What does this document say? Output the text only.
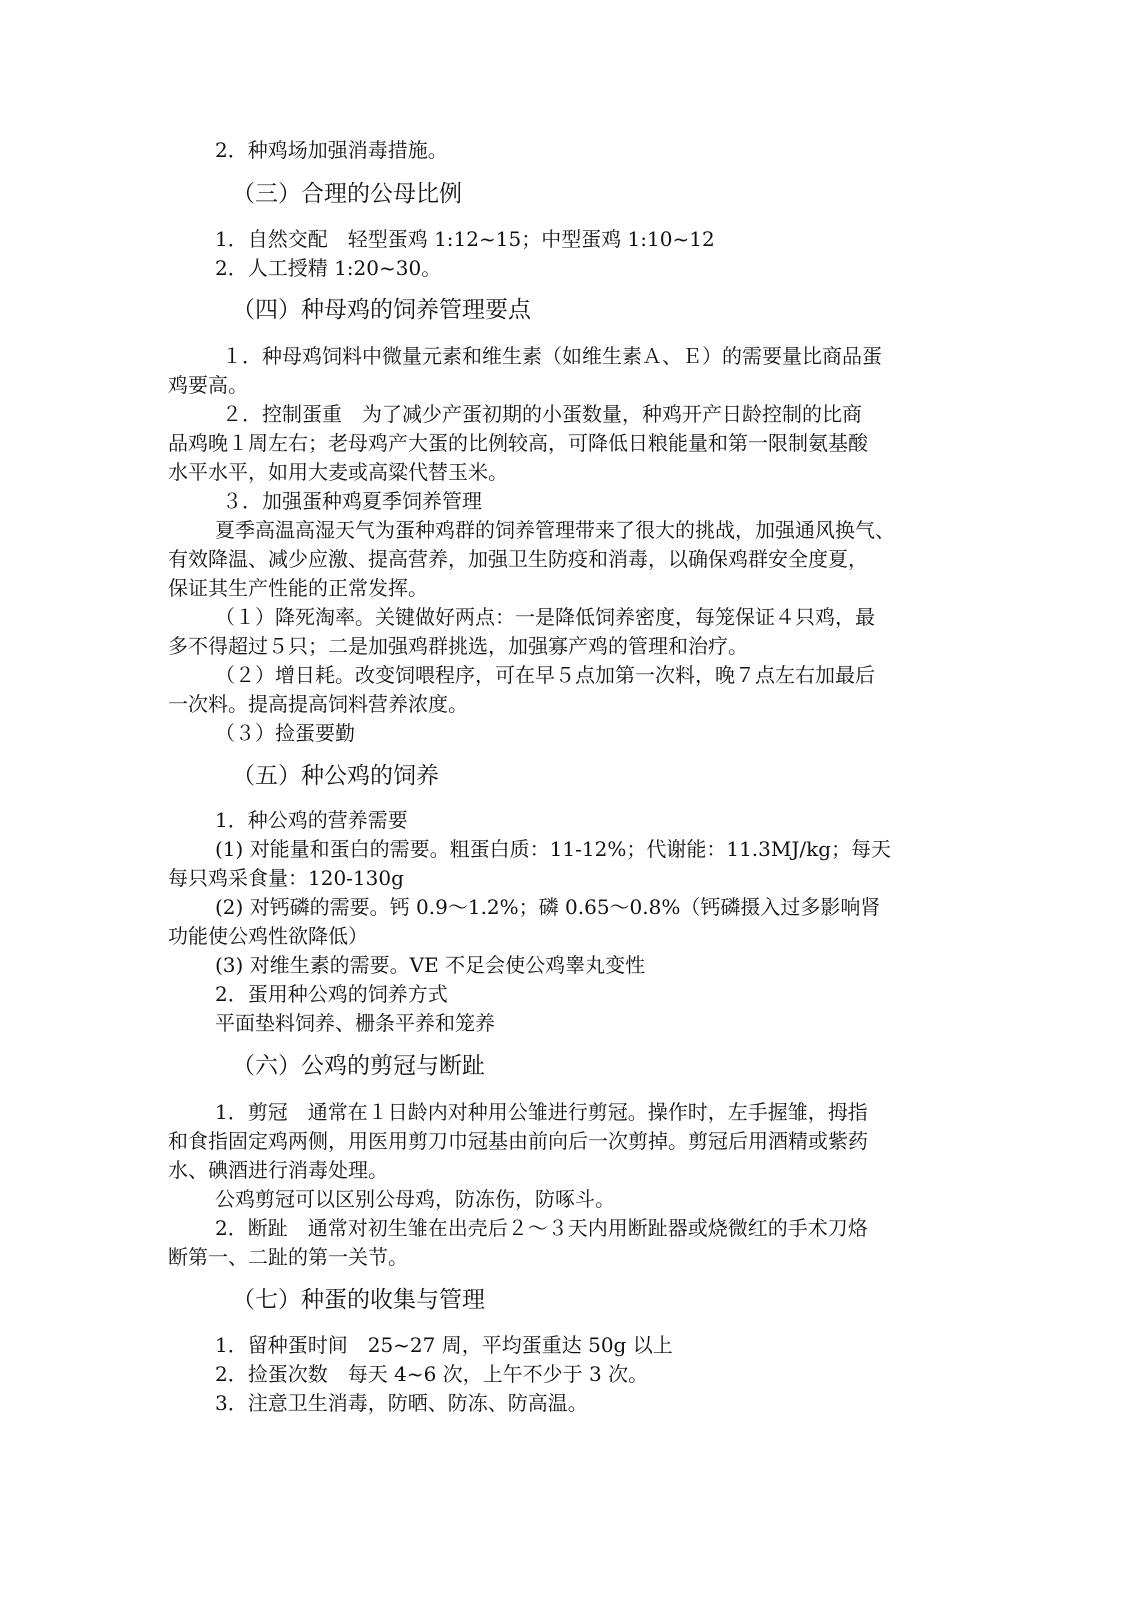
2．种鸡场加强消毒措施。
（三）合理的公母比例
1．自然交配　轻型蛋鸡 1:12~15；中型蛋鸡 1:10~12
2．人工授精 1:20~30。
（四）种母鸡的饲养管理要点
１．种母鸡饲料中微量元素和维生素（如维生素Ａ、Ｅ）的需要量比商品蛋
鸡要高。
２．控制蛋重　为了减少产蛋初期的小蛋数量，种鸡开产日龄控制的比商
品鸡晚１周左右；老母鸡产大蛋的比例较高，可降低日粮能量和第一限制氨基酸
水平水平，如用大麦或高粱代替玉米。
３．加强蛋种鸡夏季饲养管理
夏季高温高湿天气为蛋种鸡群的饲养管理带来了很大的挑战，加强通风换气、
有效降温、减少应激、提高营养，加强卫生防疫和消毒，以确保鸡群安全度夏，
保证其生产性能的正常发挥。
（１）降死淘率。关键做好两点：一是降低饲养密度，每笼保证４只鸡，最
多不得超过５只；二是加强鸡群挑选，加强寡产鸡的管理和治疗。
（２）增日耗。改变饲喂程序，可在早５点加第一次料，晚７点左右加最后
一次料。提高提高饲料营养浓度。
（３）捡蛋要勤
（五）种公鸡的饲养
1．种公鸡的营养需要
(1) 对能量和蛋白的需要。粗蛋白质：11-12%；代谢能：11.3MJ/kg；每天
每只鸡采食量：120-130g
(2) 对钙磷的需要。钙 0.9～1.2%；磷 0.65～0.8%（钙磷摄入过多影响肾
功能使公鸡性欲降低）
(3) 对维生素的需要。VE 不足会使公鸡睾丸变性
2．蛋用种公鸡的饲养方式
平面垫料饲养、栅条平养和笼养
（六）公鸡的剪冠与断趾
1．剪冠　通常在１日龄内对种用公雏进行剪冠。操作时，左手握雏，拇指
和食指固定鸡两侧，用医用剪刀巾冠基由前向后一次剪掉。剪冠后用酒精或紫药
水、碘酒进行消毒处理。
公鸡剪冠可以区别公母鸡，防冻伤，防啄斗。
2．断趾　通常对初生雏在出壳后２～３天内用断趾器或烧微红的手术刀烙
断第一、二趾的第一关节。
（七）种蛋的收集与管理
1．留种蛋时间　25~27 周，平均蛋重达 50g 以上
2．捡蛋次数　每天 4~6 次，上午不少于 3 次。
3．注意卫生消毒，防晒、防冻、防高温。
